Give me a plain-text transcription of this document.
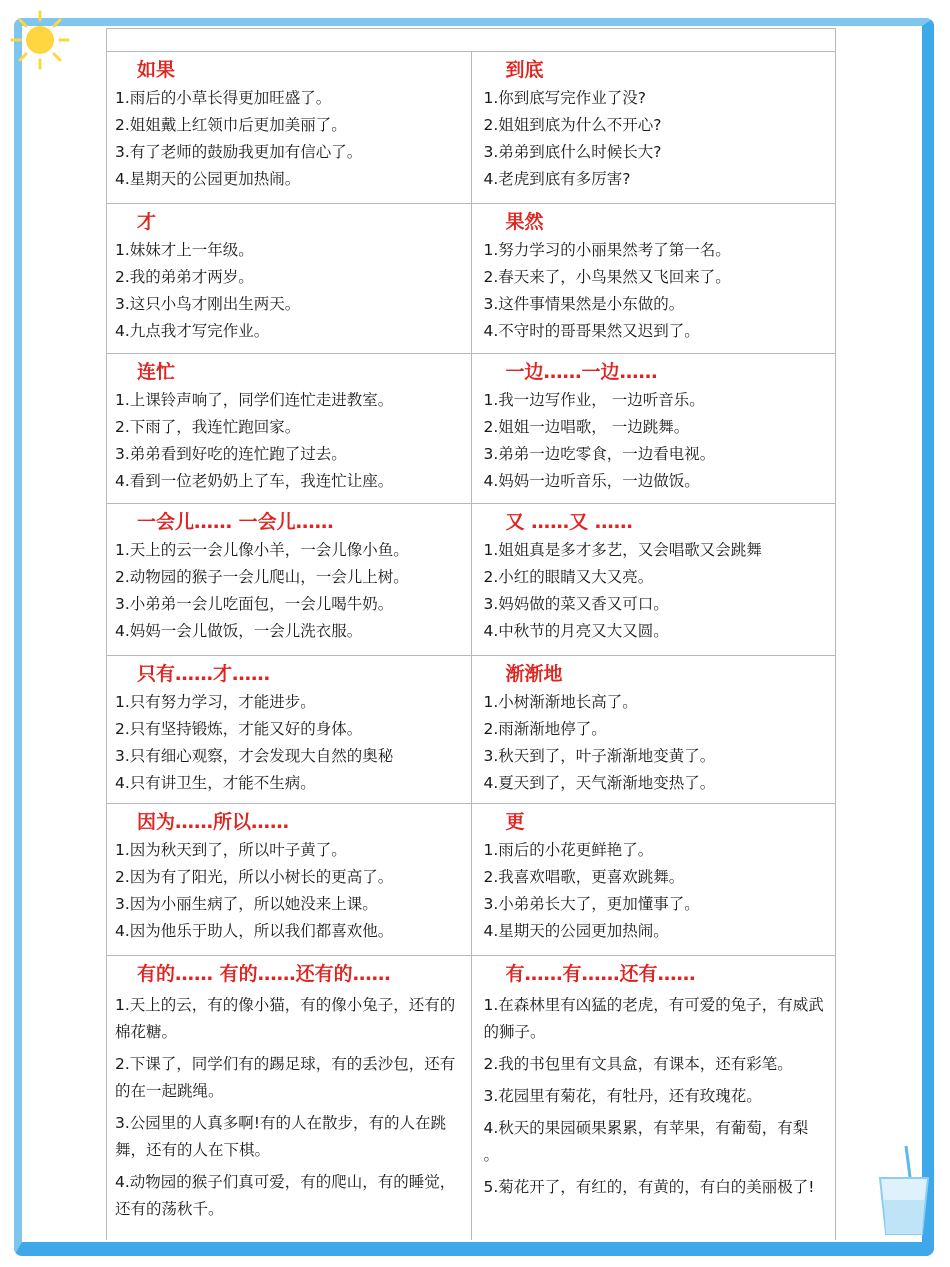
如果
1.雨后的小草长得更加旺盛了。
2.姐姐戴上红领巾后更加美丽了。
3.有了老师的鼓励我更加有信心了。
4.星期天的公园更加热闹。
到底
1.你到底写完作业了没?
2.姐姐到底为什么不开心?
3.弟弟到底什么时候长大?
4.老虎到底有多厉害?
才
1.妹妹才上一年级。
2.我的弟弟才两岁。
3.这只小鸟才刚出生两天。
4.九点我才写完作业。
果然
1.努力学习的小丽果然考了第一名。
2.春天来了，小鸟果然又飞回来了。
3.这件事情果然是小东做的。
4.不守时的哥哥果然又迟到了。
连忙
1.上课铃声响了，同学们连忙走进教室。
2.下雨了，我连忙跑回家。
3.弟弟看到好吃的连忙跑了过去。
4.看到一位老奶奶上了车，我连忙让座。
一边……一边……
1.我一边写作业， 一边听音乐。
2.姐姐一边唱歌， 一边跳舞。
3.弟弟一边吃零食，一边看电视。
4.妈妈一边听音乐，一边做饭。
一会儿…… 一会儿……
1.天上的云一会儿像小羊，一会儿像小鱼。
2.动物园的猴子一会儿爬山，一会儿上树。
3.小弟弟一会儿吃面包，一会儿喝牛奶。
4.妈妈一会儿做饭，一会儿洗衣服。
又 ……又 ……
1.姐姐真是多才多艺，又会唱歌又会跳舞
2.小红的眼睛又大又亮。
3.妈妈做的菜又香又可口。
4.中秋节的月亮又大又圆。
只有……才……
1.只有努力学习，才能进步。
2.只有坚持锻炼，才能又好的身体。
3.只有细心观察，才会发现大自然的奥秘
4.只有讲卫生，才能不生病。
渐渐地
1.小树渐渐地长高了。
2.雨渐渐地停了。
3.秋天到了，叶子渐渐地变黄了。
4.夏天到了，天气渐渐地变热了。
因为……所以……
1.因为秋天到了，所以叶子黄了。
2.因为有了阳光，所以小树长的更高了。
3.因为小丽生病了，所以她没来上课。
4.因为他乐于助人，所以我们都喜欢他。
更
1.雨后的小花更鲜艳了。
2.我喜欢唱歌，更喜欢跳舞。
3.小弟弟长大了，更加懂事了。
4.星期天的公园更加热闹。
有的…… 有的……还有的……
1.天上的云，有的像小猫，有的像小兔子，还有的棉花糖。
2.下课了，同学们有的踢足球，有的丢沙包，还有的在一起跳绳。
3.公园里的人真多啊!有的人在散步，有的人在跳舞，还有的人在下棋。
4.动物园的猴子们真可爱，有的爬山，有的睡觉，还有的荡秋千。
有……有……还有……
1.在森林里有凶猛的老虎，有可爱的兔子，有威武的狮子。
2.我的书包里有文具盒，有课本，还有彩笔。
3.花园里有菊花，有牡丹，还有玫瑰花。
4.秋天的果园硕果累累，有苹果，有葡萄，有梨 。
5.菊花开了，有红的，有黄的，有白的美丽极了!
